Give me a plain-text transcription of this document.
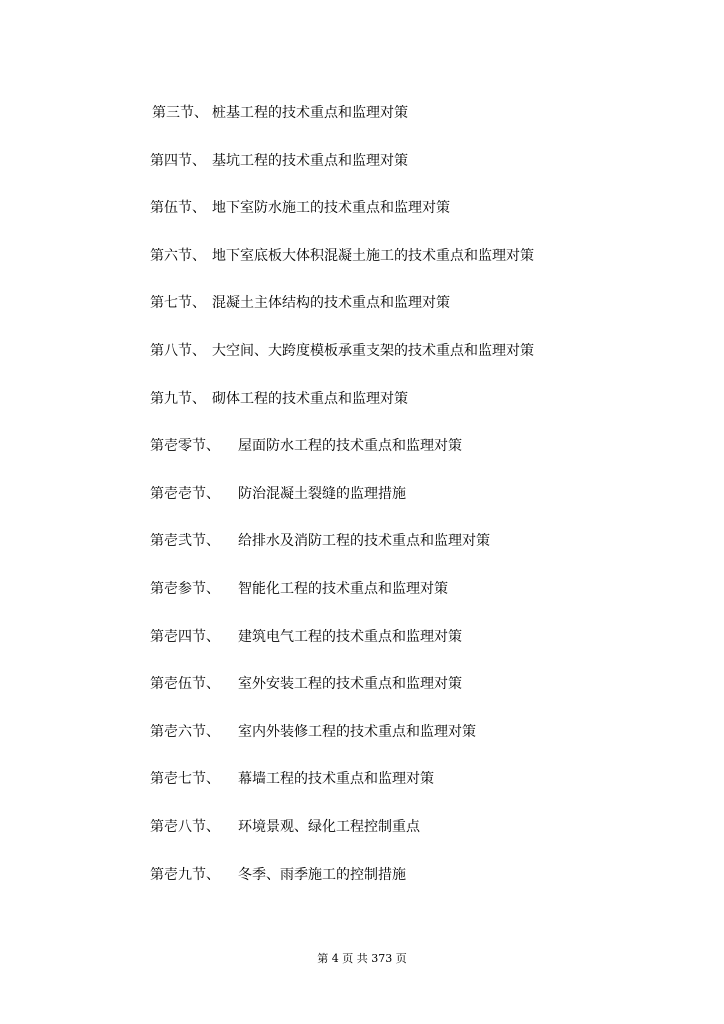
第三节、 桩基工程的技术重点和监理对策
第四节、 基坑工程的技术重点和监理对策
第伍节、 地下室防水施工的技术重点和监理对策
第六节、 地下室底板大体积混凝土施工的技术重点和监理对策
第七节、 混凝土主体结构的技术重点和监理对策
第八节、 大空间、大跨度模板承重支架的技术重点和监理对策
第九节、 砌体工程的技术重点和监理对策
第壱零节、 屋面防水工程的技术重点和监理对策
第壱壱节、 防治混凝土裂缝的监理措施
第壱弐节、 给排水及消防工程的技术重点和监理对策
第壱参节、 智能化工程的技术重点和监理对策
第壱四节、 建筑电气工程的技术重点和监理对策
第壱伍节、 室外安装工程的技术重点和监理对策
第壱六节、 室内外装修工程的技术重点和监理对策
第壱七节、 幕墙工程的技术重点和监理对策
第壱八节、 环境景观、绿化工程控制重点
第壱九节、 冬季、雨季施工的控制措施
第 4 页 共 373 页
